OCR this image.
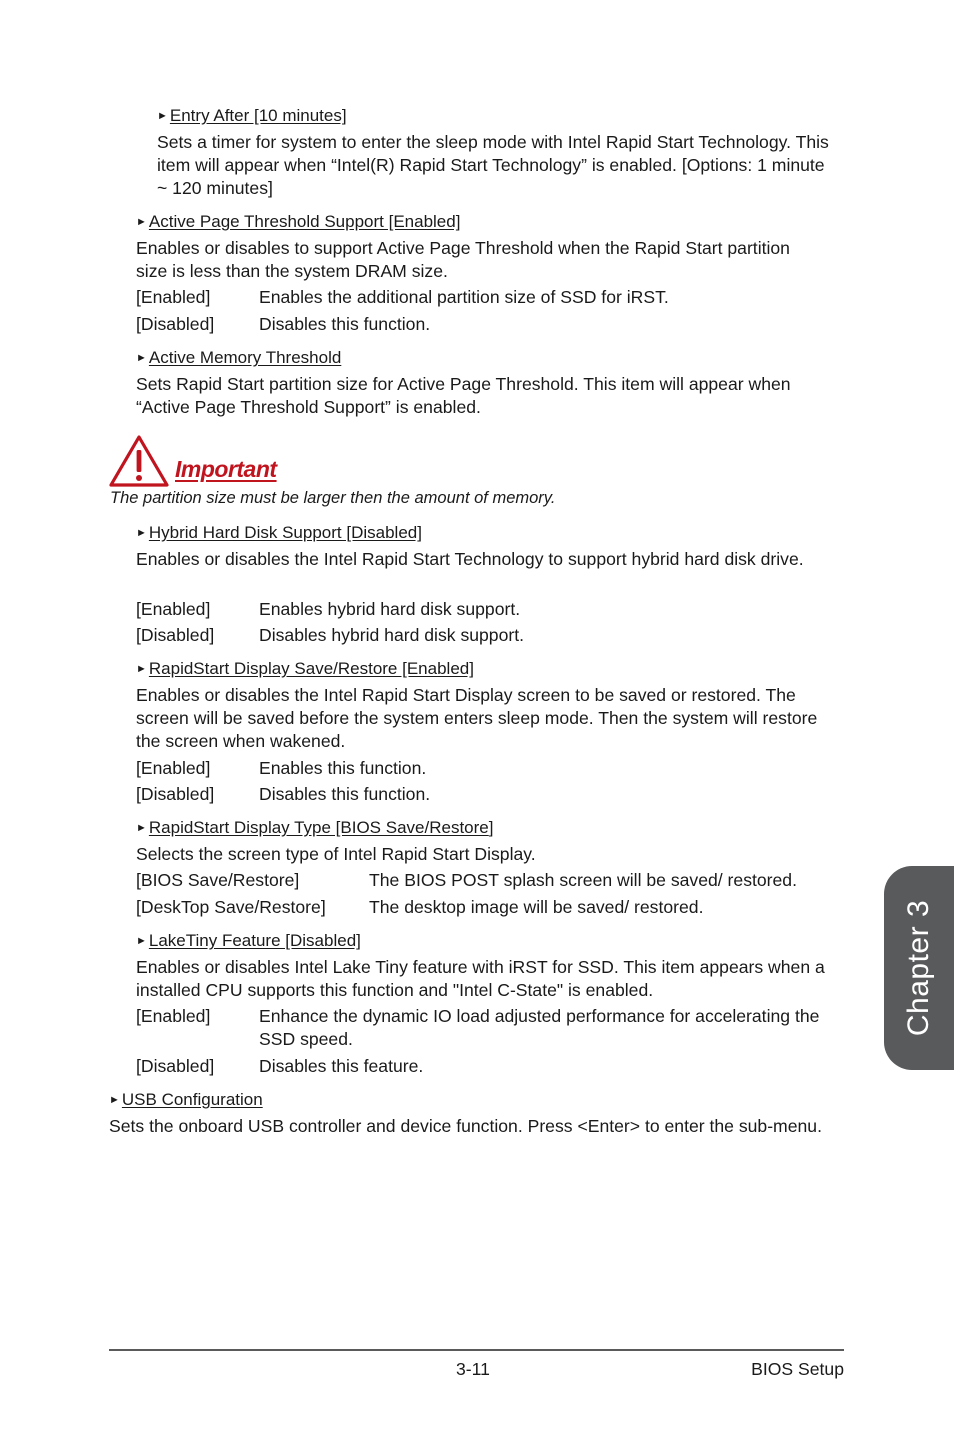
► Entry After [10 minutes]

Sets a timer for system to enter the sleep mode with Intel Rapid Start Technology. This item will appear when “Intel(R) Rapid Start Technology” is enabled. [Options: 1 minute ~ 120 minutes]

► Active Page Threshold Support [Enabled]

Enables or disables to support Active Page Threshold when the Rapid Start partition size is less than the system DRAM size.

[Enabled]	Enables the additional partition size of SSD for iRST.
[Disabled]	Disables this function.
► Active Memory Threshold

Sets Rapid Start partition size for Active Page Threshold. This item will appear when “Active Page Threshold Support” is enabled.

Important
The partition size must be larger then the amount of memory.
► Hybrid Hard Disk Support [Disabled]

Enables or disables the Intel Rapid Start Technology to support hybrid hard disk drive.

[Enabled]	Enables hybrid hard disk support.
[Disabled]	Disables hybrid hard disk support.
► RapidStart Display Save/Restore [Enabled]

Enables or disables the Intel Rapid Start Display screen to be saved or restored. The screen will be saved before the system enters sleep mode. Then the system will restore the screen when wakened.

[Enabled]	Enables this function.
[Disabled]	Disables this function.
► RapidStart Display Type [BIOS Save/Restore]

Selects the screen type of Intel Rapid Start Display.

[BIOS Save/Restore]	The BIOS POST splash screen will be saved/ restored.
[DeskTop Save/Restore] The desktop image will be saved/ restored.
► LakeTiny Feature [Disabled]

Enables or disables Intel Lake Tiny feature with iRST for SSD. This item appears when a installed CPU supports this function and "Intel C-State" is enabled.

[Enabled]	Enhance the dynamic IO load adjusted performance for accelerating the SSD speed.
[Disabled]	Disables this feature.
► USB Configuration

Sets the onboard USB controller and device function. Press <Enter> to enter the sub-menu.

Chapter 3
3-11	BIOS Setup
